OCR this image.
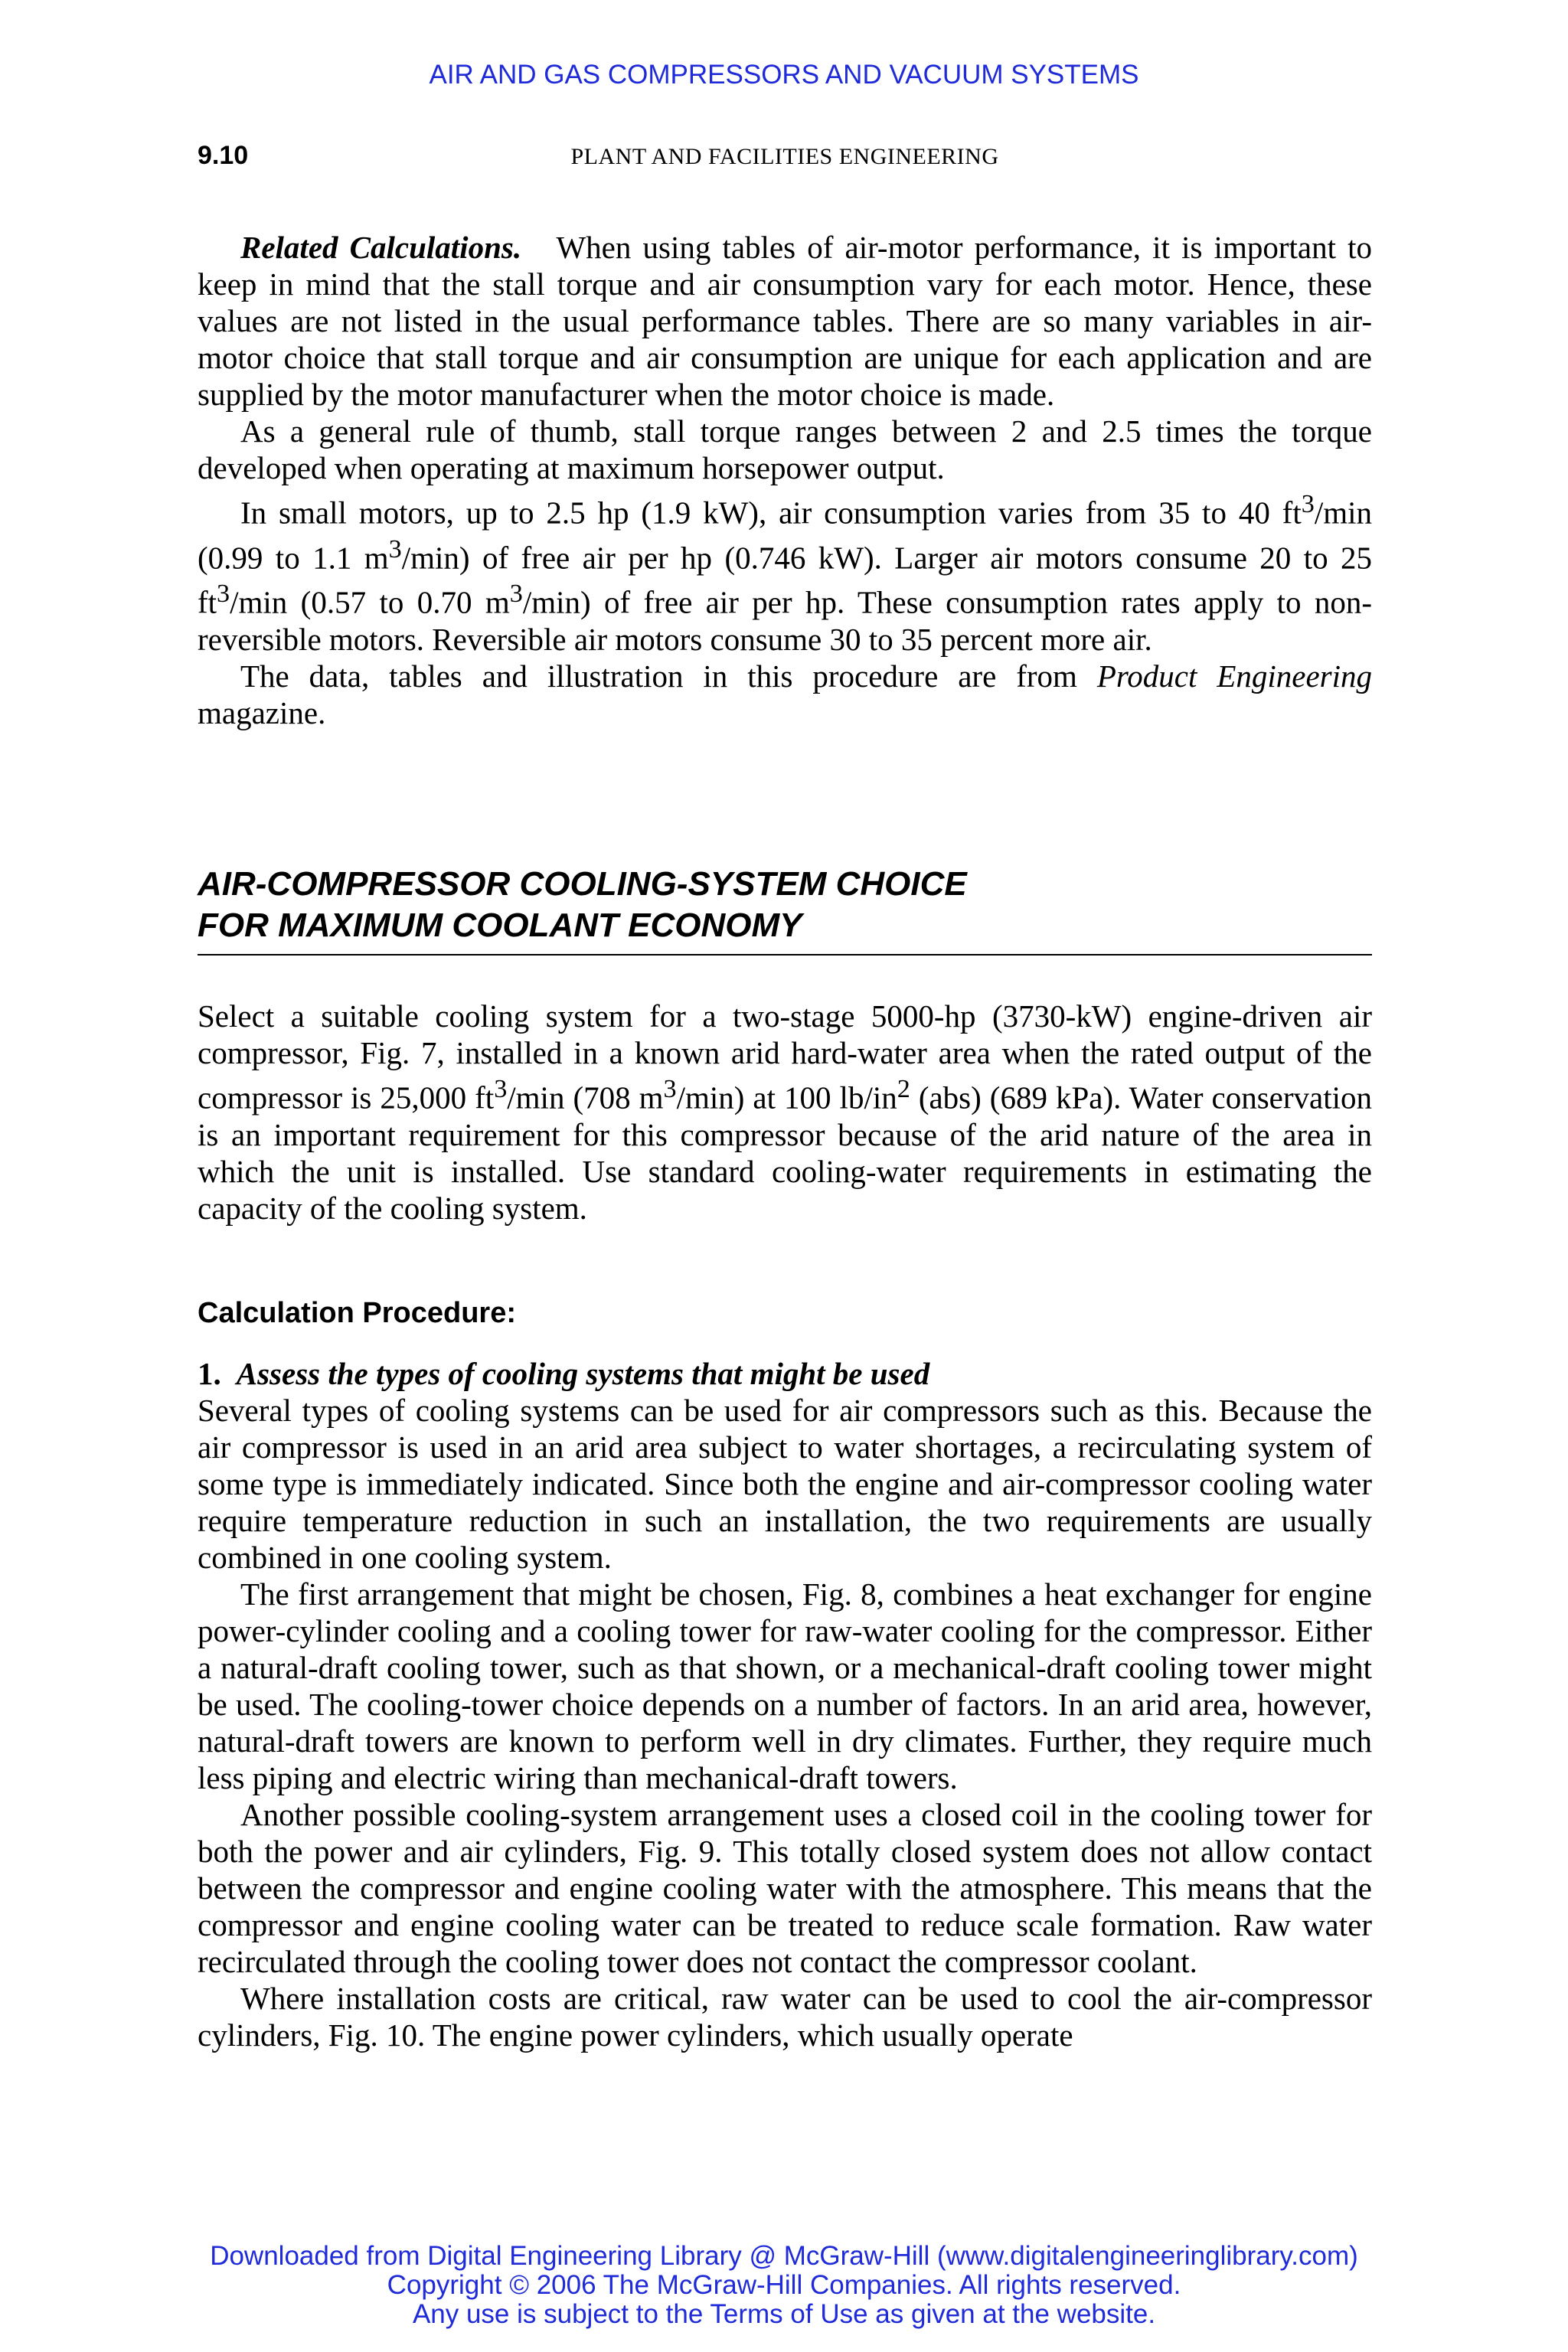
AIR AND GAS COMPRESSORS AND VACUUM SYSTEMS
9.10	PLANT AND FACILITIES ENGINEERING

Related Calculations. When using tables of air-motor performance, it is important to keep in mind that the stall torque and air consumption vary for each motor. Hence, these values are not listed in the usual performance tables. There are so many variables in air-motor choice that stall torque and air consumption are unique for each application and are supplied by the motor manufacturer when the motor choice is made.

As a general rule of thumb, stall torque ranges between 2 and 2.5 times the torque developed when operating at maximum horsepower output.

In small motors, up to 2.5 hp (1.9 kW), air consumption varies from 35 to 40 $ft^3/\min$ (0.99 to 1.1 $m^3/\min$) of free air per hp (0.746 kW). Larger air motors consume 20 to 25 $ft^3/\min$ (0.57 to 0.70 $m^3/\min$) of free air per hp. These consumption rates apply to non-reversible motors. Reversible air motors consume 30 to 35 percent more air.

The data, tables and illustration in this procedure are from Product Engineering magazine.

AIR-COMPRESSOR COOLING-SYSTEM CHOICE
FOR MAXIMUM COOLANT ECONOMY

Select a suitable cooling system for a two-stage 5000-hp (3730-kW) engine-driven air compressor, Fig. 7, installed in a known arid hard-water area when the rated output of the compressor is 25,000 $ft^3/\min$ (708 $m^3/\min$) at 100 $lb/in^2$ (abs) (689 kPa). Water conservation is an important requirement for this compressor because of the arid nature of the area in which the unit is installed. Use standard cooling-water requirements in estimating the capacity of the cooling system.

Calculation Procedure:

1. Assess the types of cooling systems that might be used

Several types of cooling systems can be used for air compressors such as this. Because the air compressor is used in an arid area subject to water shortages, a recirculating system of some type is immediately indicated. Since both the engine and air-compressor cooling water require temperature reduction in such an installation, the two requirements are usually combined in one cooling system.

The first arrangement that might be chosen, Fig. 8, combines a heat exchanger for engine power-cylinder cooling and a cooling tower for raw-water cooling for the compressor. Either a natural-draft cooling tower, such as that shown, or a mechanical-draft cooling tower might be used. The cooling-tower choice depends on a number of factors. In an arid area, however, natural-draft towers are known to perform well in dry climates. Further, they require much less piping and electric wiring than mechanical-draft towers.

Another possible cooling-system arrangement uses a closed coil in the cooling tower for both the power and air cylinders, Fig. 9. This totally closed system does not allow contact between the compressor and engine cooling water with the atmosphere. This means that the compressor and engine cooling water can be treated to reduce scale formation. Raw water recirculated through the cooling tower does not contact the compressor coolant.

Where installation costs are critical, raw water can be used to cool the air-compressor cylinders, Fig. 10. The engine power cylinders, which usually operate

Downloaded from Digital Engineering Library @ McGraw-Hill (www.digitalengineeringlibrary.com)
Copyright © 2006 The McGraw-Hill Companies. All rights reserved.
Any use is subject to the Terms of Use as given at the website.
